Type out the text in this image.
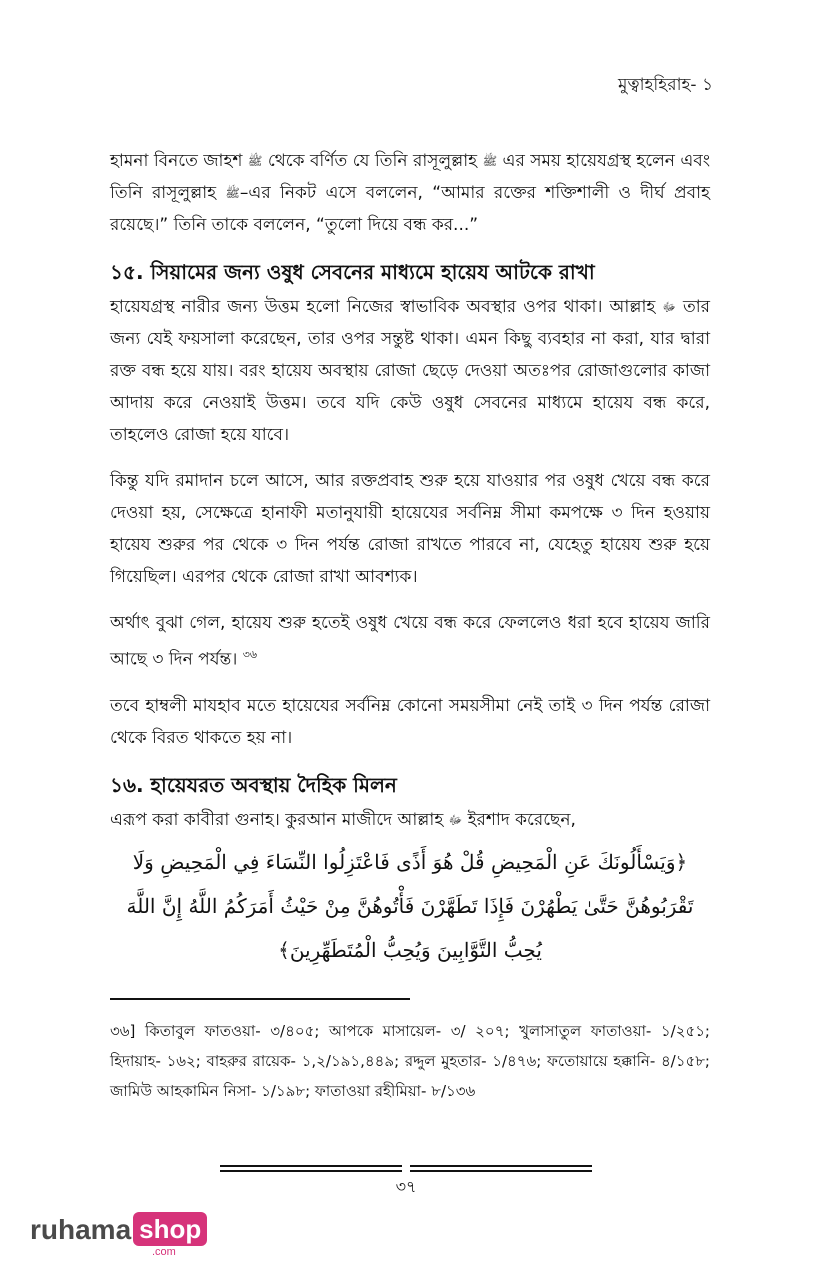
মুত্বাহহিরাহ- ১

হামনা বিনতে জাহশ ﷺ থেকে বর্ণিত যে তিনি রাসূলুল্লাহ ﷺ এর সময় হায়েযগ্রস্থ হলেন এবং তিনি রাসূলুল্লাহ ﷺ–এর নিকট এসে বললেন, “আমার রক্তের শক্তিশালী ও দীর্ঘ প্রবাহ রয়েছে।” তিনি তাকে বললেন, “তুলো দিয়ে বন্ধ কর...”

১৫. সিয়ামের জন্য ওষুধ সেবনের মাধ্যমে হায়েয আটকে রাখা

হায়েযগ্রস্থ নারীর জন্য উত্তম হলো নিজের স্বাভাবিক অবস্থার ওপর থাকা। আল্লাহ ﷻ তার জন্য যেই ফয়সালা করেছেন, তার ওপর সন্তুষ্ট থাকা। এমন কিছু ব্যবহার না করা, যার দ্বারা রক্ত বন্ধ হয়ে যায়। বরং হায়েয অবস্থায় রোজা ছেড়ে দেওয়া অতঃপর রোজাগুলোর কাজা আদায় করে নেওয়াই উত্তম। তবে যদি কেউ ওষুধ সেবনের মাধ্যমে হায়েয বন্ধ করে, তাহলেও রোজা হয়ে যাবে।

কিন্তু যদি রমাদান চলে আসে, আর রক্তপ্রবাহ শুরু হয়ে যাওয়ার পর ওষুধ খেয়ে বন্ধ করে দেওয়া হয়, সেক্ষেত্রে হানাফী মতানুযায়ী হায়েযের সর্বনিম্ন সীমা কমপক্ষে ৩ দিন হওয়ায় হায়েয শুরুর পর থেকে ৩ দিন পর্যন্ত রোজা রাখতে পারবে না, যেহেতু হায়েয শুরু হয়ে গিয়েছিল। এরপর থেকে রোজা রাখা আবশ্যক।

অর্থাৎ বুঝা গেল, হায়েয শুরু হতেই ওষুধ খেয়ে বন্ধ করে ফেললেও ধরা হবে হায়েয জারি আছে ৩ দিন পর্যন্ত। $^{৩৬}$

তবে হাম্বলী মাযহাব মতে হায়েযের সর্বনিম্ন কোনো সময়সীমা নেই তাই ৩ দিন পর্যন্ত রোজা থেকে বিরত থাকতে হয় না।

১৬. হায়েযরত অবস্থায় দৈহিক মিলন

এরূপ করা কাবীরা গুনাহ। কুরআন মাজীদে আল্লাহ ﷻ ইরশাদ করেছেন,

﴿وَيَسْأَلُونَكَ عَنِ الْمَحِيضِ قُلْ هُوَ أَذًى فَاعْتَزِلُوا النِّسَاءَ فِي الْمَحِيضِ وَلَا تَقْرَبُوهُنَّ حَتَّىٰ يَطْهُرْنَ فَإِذَا تَطَهَّرْنَ فَأْتُوهُنَّ مِنْ حَيْثُ أَمَرَكُمُ اللَّهُ إِنَّ اللَّهَ يُحِبُّ التَّوَّابِينَ وَيُحِبُّ الْمُتَطَهِّرِينَ﴾

৩৬] কিতাবুল ফাতওয়া- ৩/৪০৫; আপকে মাসায়েল- ৩/ ২০৭; খুলাসাতুল ফাতাওয়া- ১/২৫১; হিদায়াহ- ১৬২; বাহরুর রায়েক- ১,২/১৯১,৪৪৯; রদ্দুল মুহতার- ১/৪৭৬; ফতোয়ায়ে হক্কানি- ৪/১৫৮; জামিউ আহকামিন নিসা- ১/১৯৮; ফাতাওয়া রহীমিয়া- ৮/১৩৬

৩৭
ruhama shop
.com
